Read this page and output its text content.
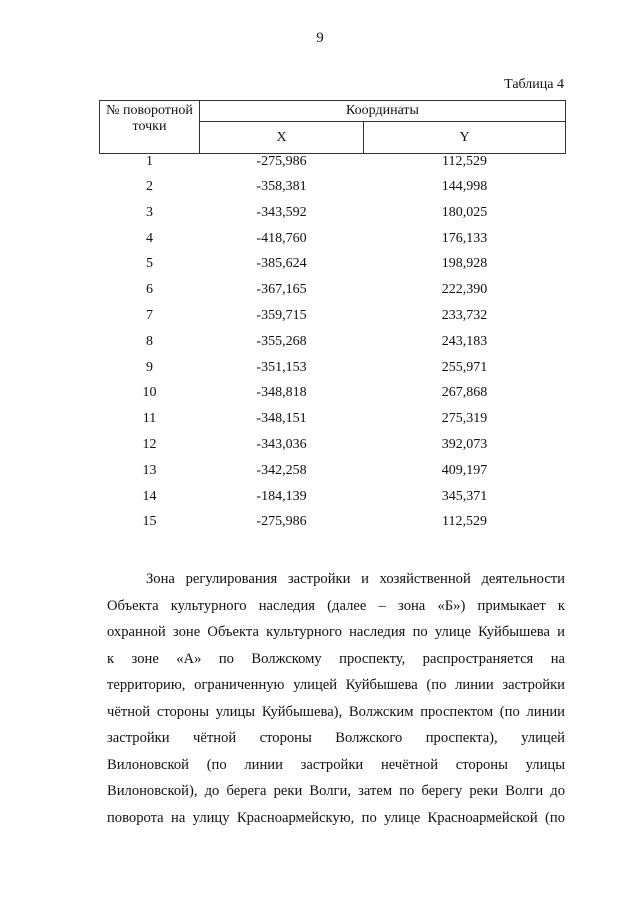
9
Таблица 4
№ поворотной точки	Координаты	
	X	Y
1	-275,986	112,529
2	-358,381	144,998
3	-343,592	180,025
4	-418,760	176,133
5	-385,624	198,928
6	-367,165	222,390
7	-359,715	233,732
8	-355,268	243,183
9	-351,153	255,971
10	-348,818	267,868
11	-348,151	275,319
12	-343,036	392,073
13	-342,258	409,197
14	-184,139	345,371
15	-275,986	112,529
Зона регулирования застройки и хозяйственной деятельности
Объекта культурного наследия (далее – зона «Б») примыкает к
охранной зоне Объекта культурного наследия по улице Куйбышева и
к зоне «А» по Волжскому проспекту, распространяется на
территорию, ограниченную улицей Куйбышева (по линии застройки
чётной стороны улицы Куйбышева), Волжским проспектом (по линии
застройки чётной стороны Волжского проспекта), улицей
Вилоновской (по линии застройки нечётной стороны улицы
Вилоновской), до берега реки Волги, затем по берегу реки Волги до
поворота на улицу Красноармейскую, по улице Красноармейской (по
